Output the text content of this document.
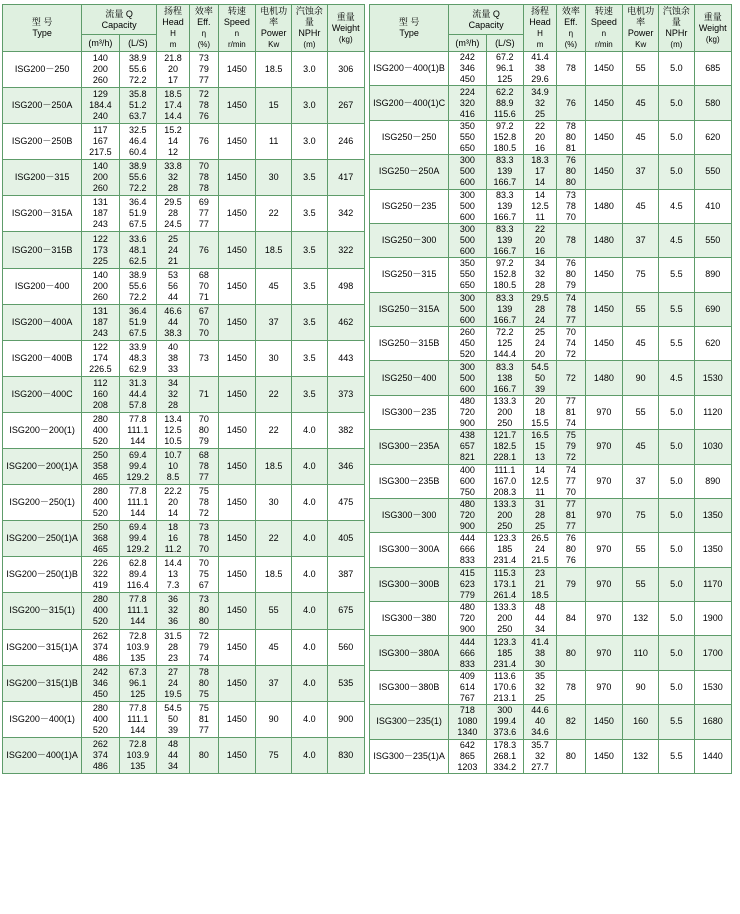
型 号
Type	流量 Q
Capacity		扬程
Head
H
m	效率
Eff.
η
(%)	转速
Speed
n
r/min	电机功率
Power
Kw	汽蚀余量
NPHr
(m)	重量
Weight
(kg)

	(m³/h)	(L/S)						
ISG200－250	140
200
260	38.9
55.6
72.2	21.8
20
17	73
79
77	1450	18.5	3.0	306

ISG200－250A	129
184.4
240	35.8
51.2
63.7	18.5
17.4
14.4	72
78
76	1450	15	3.0	267

ISG200－250B	117
167
217.5	32.5
46.4
60.4	15.2
14
12	76	1450	11	3.0	246

ISG200－315	140
200
260	38.9
55.6
72.2	33.8
32
28	70
78
78	1450	30	3.5	417

ISG200－315A	131
187
243	36.4
51.9
67.5	29.5
28
24.5	69
77
77	1450	22	3.5	342

ISG200－315B	122
173
225	33.6
48.1
62.5	25
24
21	76	1450	18.5	3.5	322

ISG200－400	140
200
260	38.9
55.6
72.2	53
56
44	68
70
71	1450	45	3.5	498

ISG200－400A	131
187
243	36.4
51.9
67.5	46.6
44
38.3	67
70
70	1450	37	3.5	462

ISG200－400B	122
174
226.5	33.9
48.3
62.9	40
38
33	73	1450	30	3.5	443

ISG200－400C	112
160
208	31.3
44.4
57.8	34
32
28	71	1450	22	3.5	373

ISG200－200(1)	280
400
520	77.8
111.1
144	13.4
12.5
10.5	70
80
79	1450	22	4.0	382

ISG200－200(1)A	250
358
465	69.4
99.4
129.2	10.7
10
8.5	68
78
77	1450	18.5	4.0	346

ISG200－250(1)	280
400
520	77.8
111.1
144	22.2
20
14	75
78
72	1450	30	4.0	475

ISG200－250(1)A	250
368
465	69.4
99.4
129.2	18
16
11.2	73
78
70	1450	22	4.0	405

ISG200－250(1)B	226
322
419	62.8
89.4
116.4	14.4
13
7.3	70
75
67	1450	18.5	4.0	387

ISG200－315(1)	280
400
520	77.8
111.1
144	36
32
36	73
80
80	1450	55	4.0	675

ISG200－315(1)A	262
374
486	72.8
103.9
135	31.5
28
23	72
79
74	1450	45	4.0	560

ISG200－315(1)B	242
346
450	67.3
96.1
125	27
24
19.5	78
80
75	1450	37	4.0	535

ISG200－400(1)	280
400
520	77.8
111.1
144	54.5
50
39	75
81
77	1450	90	4.0	900

ISG200－400(1)A	262
374
486	72.8
103.9
135	48
44
34	80	1450	75	4.0	830
型 号
Type	流量 Q
Capacity		扬程
Head
H
m	效率
Eff.
η
(%)	转速
Speed
n
r/min	电机功率
Power
Kw	汽蚀余量
NPHr
(m)	重量
Weight
(kg)

	(m³/h)	(L/S)						
ISG200－400(1)B	242
346
450	67.2
96.1
125	41.4
38
29.6	78	1450	55	5.0	685

ISG200－400(1)C	224
320
416	62.2
88.9
115.6	34.9
32
25	76	1450	45	5.0	580

ISG250－250	350
550
650	97.2
152.8
180.5	22
20
16	78
80
81	1450	45	5.0	620

ISG250－250A	300
500
600	83.3
139
166.7	18.3
17
14	76
80
80	1450	37	5.0	550

ISG250－235	300
500
600	83.3
139
166.7	14
12.5
11	73
78
70	1480	45	4.5	410

ISG250－300	300
500
600	83.3
139
166.7	22
20
16	78	1480	37	4.5	550

ISG250－315	350
550
650	97.2
152.8
180.5	34
32
28	76
80
79	1450	75	5.5	890

ISG250－315A	300
500
600	83.3
139
166.7	29.5
28
24	74
78
77	1450	55	5.5	690

ISG250－315B	260
450
520	72.2
125
144.4	25
24
20	70
74
72	1450	45	5.5	620

ISG250－400	300
500
600	83.3
138
166.7	54.5
50
39	72	1480	90	4.5	1530

ISG300－235	480
720
900	133.3
200
250	20
18
15.5	77
81
74	970	55	5.0	1120

ISG300－235A	438
657
821	121.7
182.5
228.1	16.5
15
13	75
79
72	970	45	5.0	1030

ISG300－235B	400
600
750	111.1
167.0
208.3	14
12.5
11	74
77
70	970	37	5.0	890

ISG300－300	480
720
900	133.3
200
250	31
28
25	77
81
77	970	75	5.0	1350

ISG300－300A	444
666
833	123.3
185
231.4	26.5
24
21.5	76
80
76	970	55	5.0	1350

ISG300－300B	415
623
779	115.3
173.1
261.4	23
21
18.5	79	970	55	5.0	1170

ISG300－380	480
720
900	133.3
200
250	48
44
34	84	970	132	5.0	1900

ISG300－380A	444
666
833	123.3
185
231.4	41.4
38
30	80	970	110	5.0	1700

ISG300－380B	409
614
767	113.6
170.6
213.1	35
32
25	78	970	90	5.0	1530

ISG300－235(1)	718
1080
1340	300
199.4
373.6	44.6
40
34.6	82	1450	160	5.5	1680

ISG300－235(1)A	642
865
1203	178.3
268.1
334.2	35.7
32
27.7	80	1450	132	5.5	1440
